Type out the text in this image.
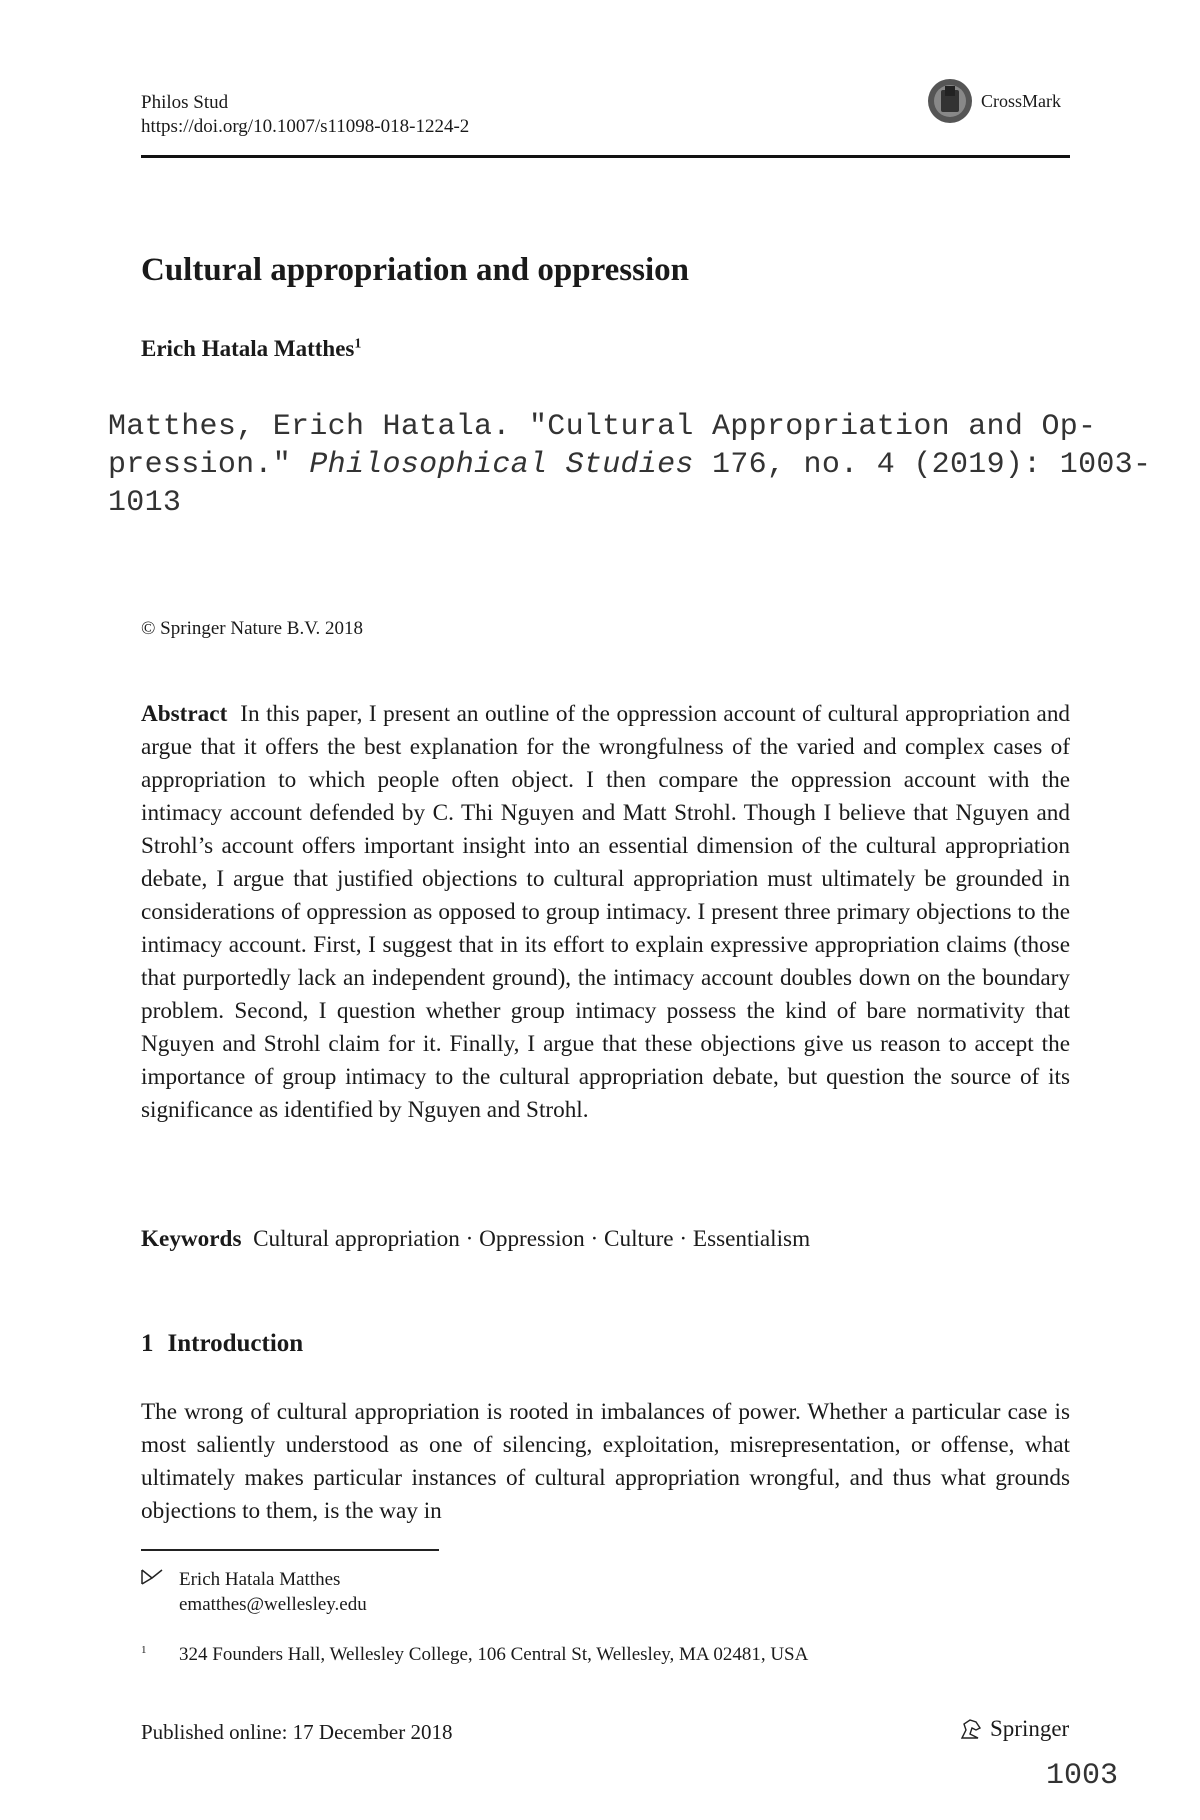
Philos Stud
https://doi.org/10.1007/s11098-018-1224-2
CrossMark
Cultural appropriation and oppression
Erich Hatala Matthes$^1$
Matthes, Erich Hatala. "Cultural Appropriation and Op-pression." Philosophical Studies 176, no. 4 (2019): 1003-1013
© Springer Nature B.V. 2018
Abstract In this paper, I present an outline of the oppression account of cultural appropriation and argue that it offers the best explanation for the wrongfulness of the varied and complex cases of appropriation to which people often object. I then compare the oppression account with the intimacy account defended by C. Thi Nguyen and Matt Strohl. Though I believe that Nguyen and Strohl’s account offers important insight into an essential dimension of the cultural appropriation debate, I argue that justified objections to cultural appropriation must ultimately be grounded in considerations of oppression as opposed to group intimacy. I present three primary objections to the intimacy account. First, I suggest that in its effort to explain expressive appropriation claims (those that purportedly lack an independent ground), the intimacy account doubles down on the boundary problem. Second, I question whether group intimacy possess the kind of bare normativity that Nguyen and Strohl claim for it. Finally, I argue that these objections give us reason to accept the importance of group intimacy to the cultural appropriation debate, but question the source of its significance as identified by Nguyen and Strohl.
Keywords Cultural appropriation · Oppression · Culture · Essentialism
1 Introduction
The wrong of cultural appropriation is rooted in imbalances of power. Whether a particular case is most saliently understood as one of silencing, exploitation, misrepresentation, or offense, what ultimately makes particular instances of cultural appropriation wrongful, and thus what grounds objections to them, is the way in
Erich Hatala Matthes
ematthes@wellesley.edu
$^1$ 324 Founders Hall, Wellesley College, 106 Central St, Wellesley, MA 02481, USA
Published online: 17 December 2018	Springer
1003
